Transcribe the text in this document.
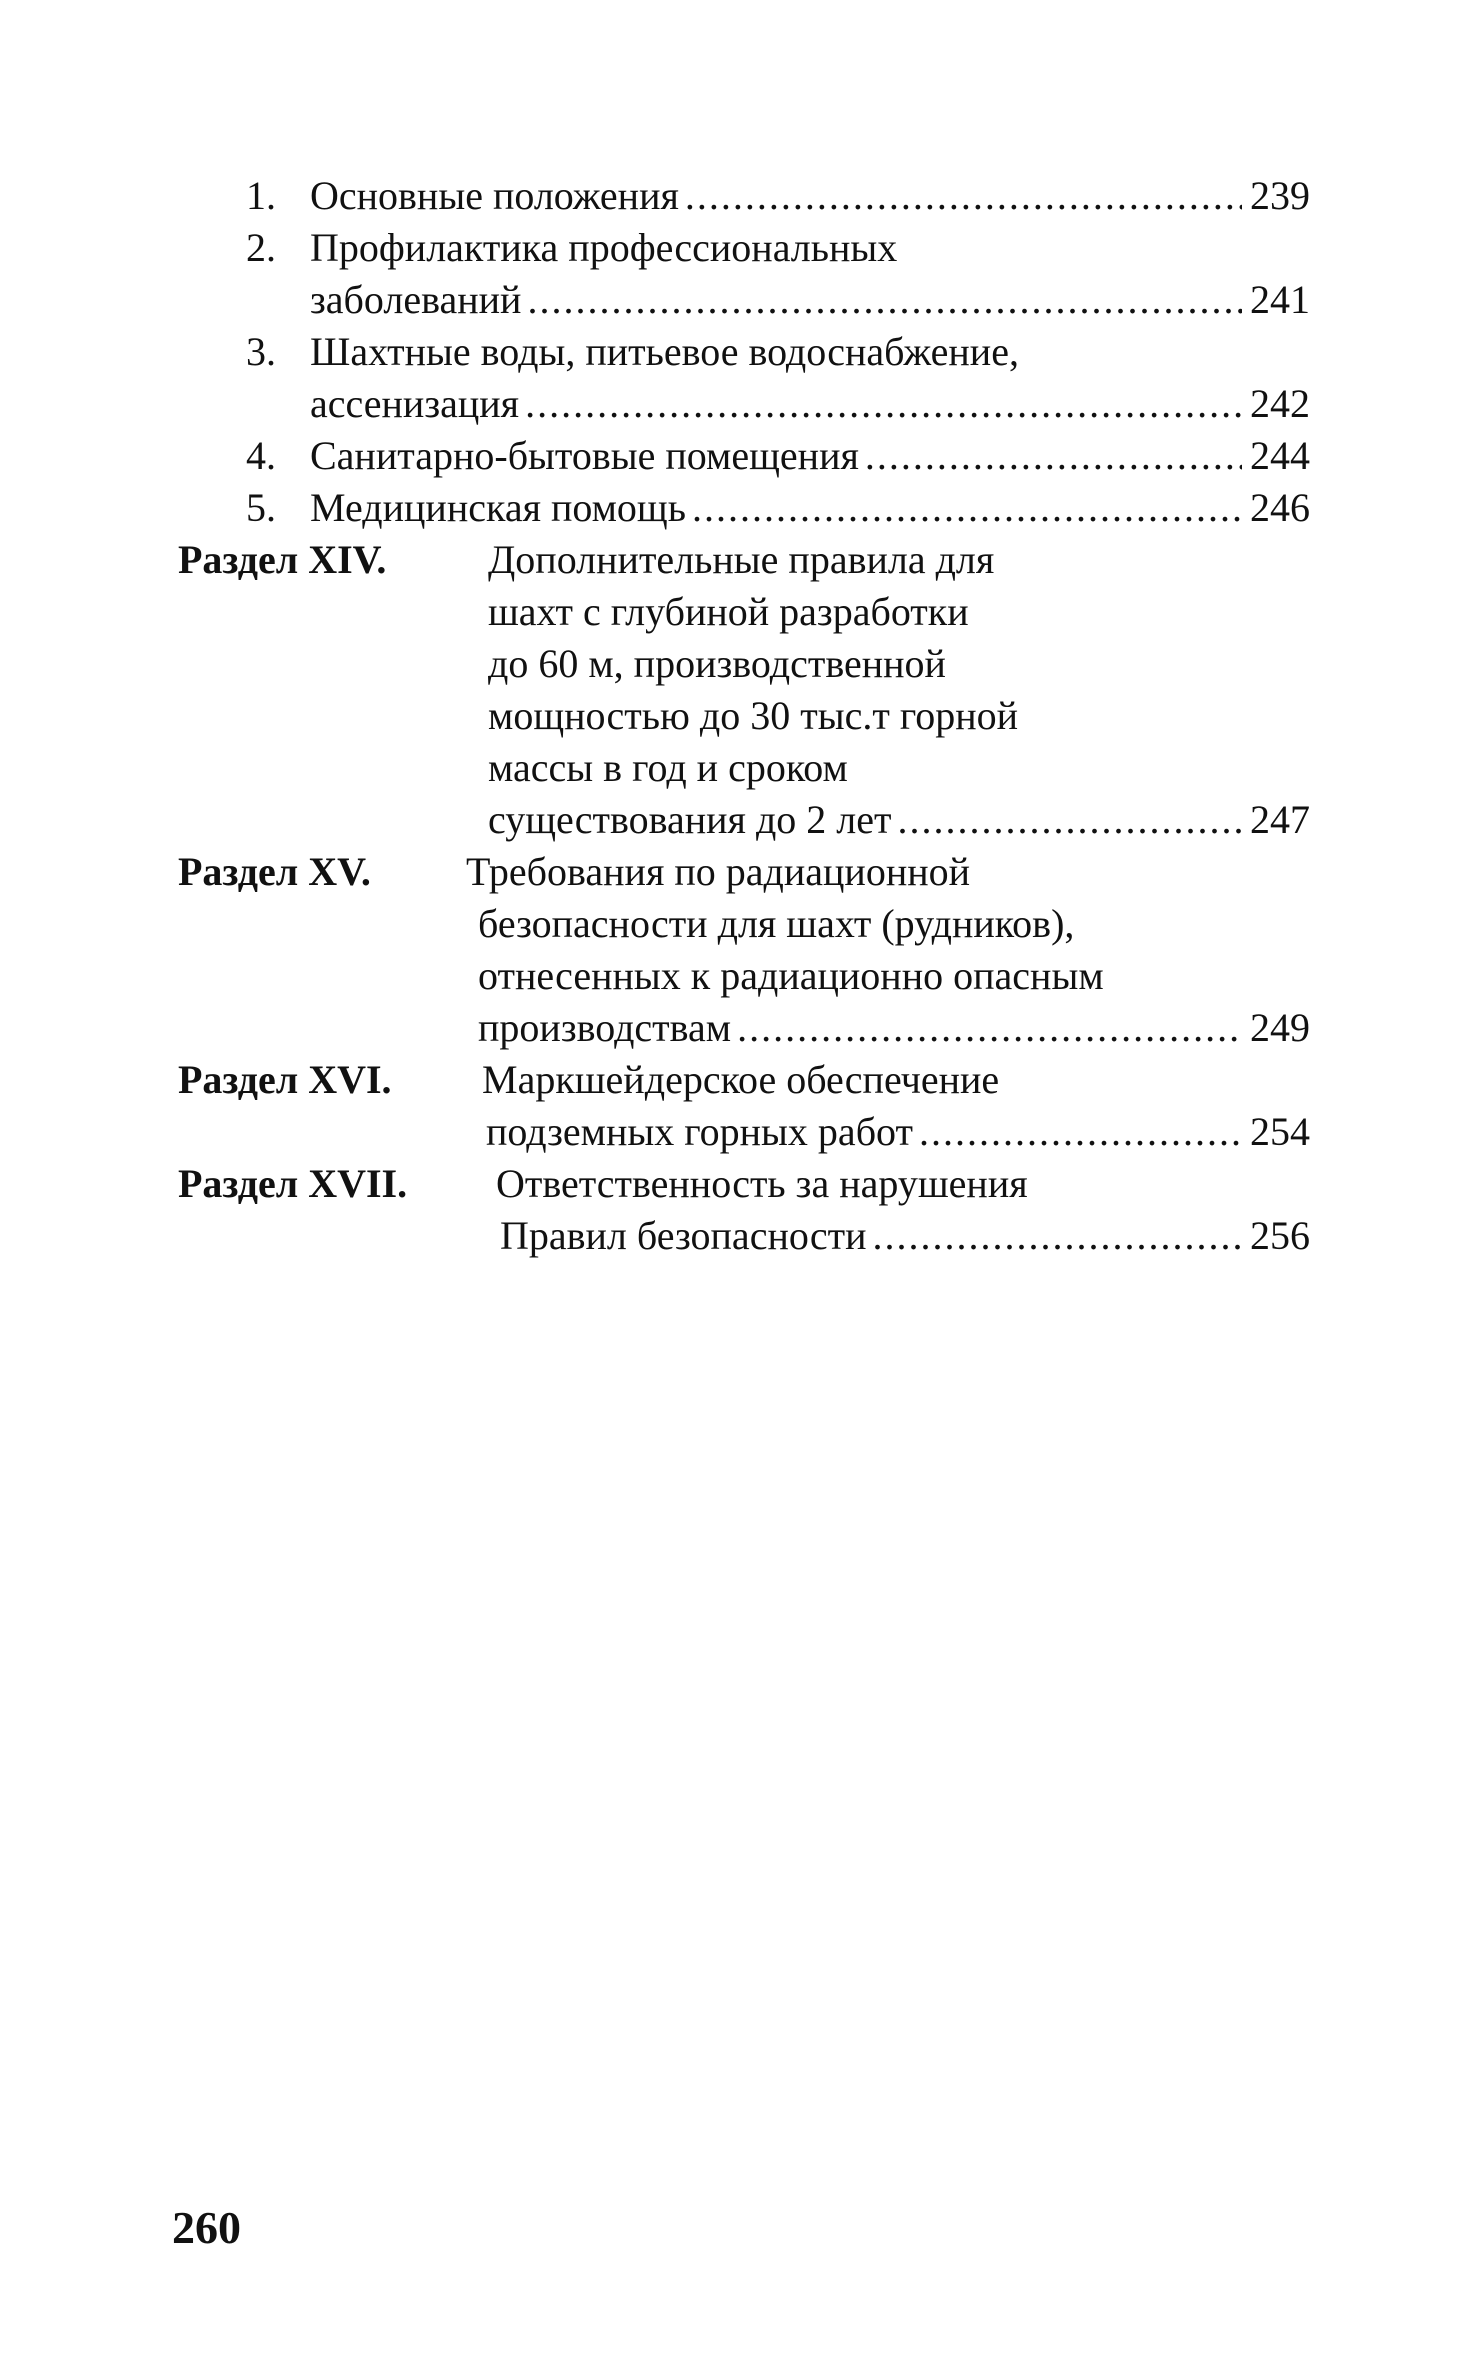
1. Основные положения .....	239
2. Профилактика профессиональных
заболеваний .....	241
3. Шахтные воды, питьевое водоснабжение,
ассенизация .....	242
4. Санитарно-бытовые помещения .....	244
5. Медицинская помощь .....	246
Раздел XIV.	Дополнительные правила для
шахт с глубиной разработки
до 60 м, производственной
мощностью до 30 тыс.т горной
массы в год и сроком
существования до 2 лет .....	247
Раздел XV. Требования по радиационной
безопасности для шахт (рудников),
отнесенных к радиационно опасным
производствам .....	249
Раздел XVI. Маркшейдерское обеспечение
подземных горных работ .....	254
Раздел XVII. Ответственность за нарушения
Правил безопасности .....	256
260
